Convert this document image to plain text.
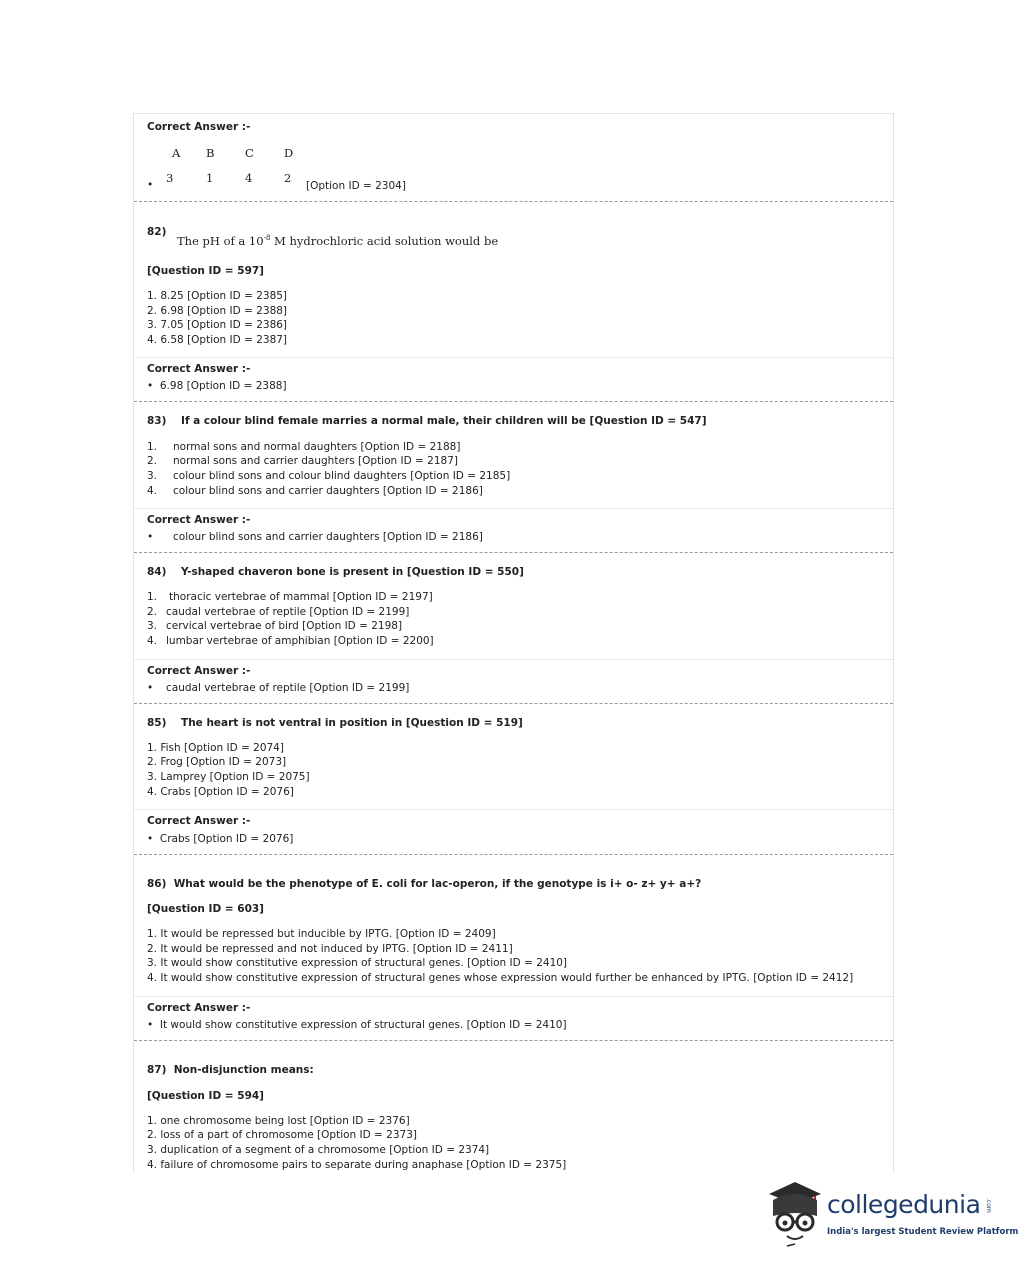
Correct Answer :-
A B	C	D
3	1	4	2
•	[Option ID = 2304]
82)
The pH of a $10^{-8}$ M hydrochloric acid solution would be
[Question ID = 597]
1. 8.25 [Option ID = 2385]
2. 6.98 [Option ID = 2388]
3. 7.05 [Option ID = 2386]
4. 6.58 [Option ID = 2387]
Correct Answer :-
•  6.98 [Option ID = 2388]
83)    If a colour blind female marries a normal male, their children will be [Question ID = 547]
1. normal sons and normal daughters [Option ID = 2188]
2. normal sons and carrier daughters [Option ID = 2187]
3. colour blind sons and colour blind daughters [Option ID = 2185]
4. colour blind sons and carrier daughters [Option ID = 2186]
Correct Answer :-
• colour blind sons and carrier daughters [Option ID = 2186]
84)    Y-shaped chaveron bone is present in [Question ID = 550]
1. thoracic vertebrae of mammal [Option ID = 2197]
2. caudal vertebrae of reptile [Option ID = 2199]
3. cervical vertebrae of bird [Option ID = 2198]
4. lumbar vertebrae of amphibian [Option ID = 2200]
Correct Answer :-
• caudal vertebrae of reptile [Option ID = 2199]
85)    The heart is not ventral in position in [Question ID = 519]
1. Fish [Option ID = 2074]
2. Frog [Option ID = 2073]
3. Lamprey [Option ID = 2075]
4. Crabs [Option ID = 2076]
Correct Answer :-
•  Crabs [Option ID = 2076]
86)  What would be the phenotype of E. coli for lac-operon, if the genotype is i+ o- z+ y+ a+?
[Question ID = 603]
1. It would be repressed but inducible by IPTG. [Option ID = 2409]
2. It would be repressed and not induced by IPTG. [Option ID = 2411]
3. It would show constitutive expression of structural genes. [Option ID = 2410]
4. It would show constitutive expression of structural genes whose expression would further be enhanced by IPTG. [Option ID = 2412]
Correct Answer :-
•  It would show constitutive expression of structural genes. [Option ID = 2410]
87)  Non-disjunction means:
[Question ID = 594]
1. one chromosome being lost [Option ID = 2376]
2. loss of a part of chromosome [Option ID = 2373]
3. duplication of a segment of a chromosome [Option ID = 2374]
4. failure of chromosome pairs to separate during anaphase [Option ID = 2375]
collegedunia .com
India's largest Student Review Platform
